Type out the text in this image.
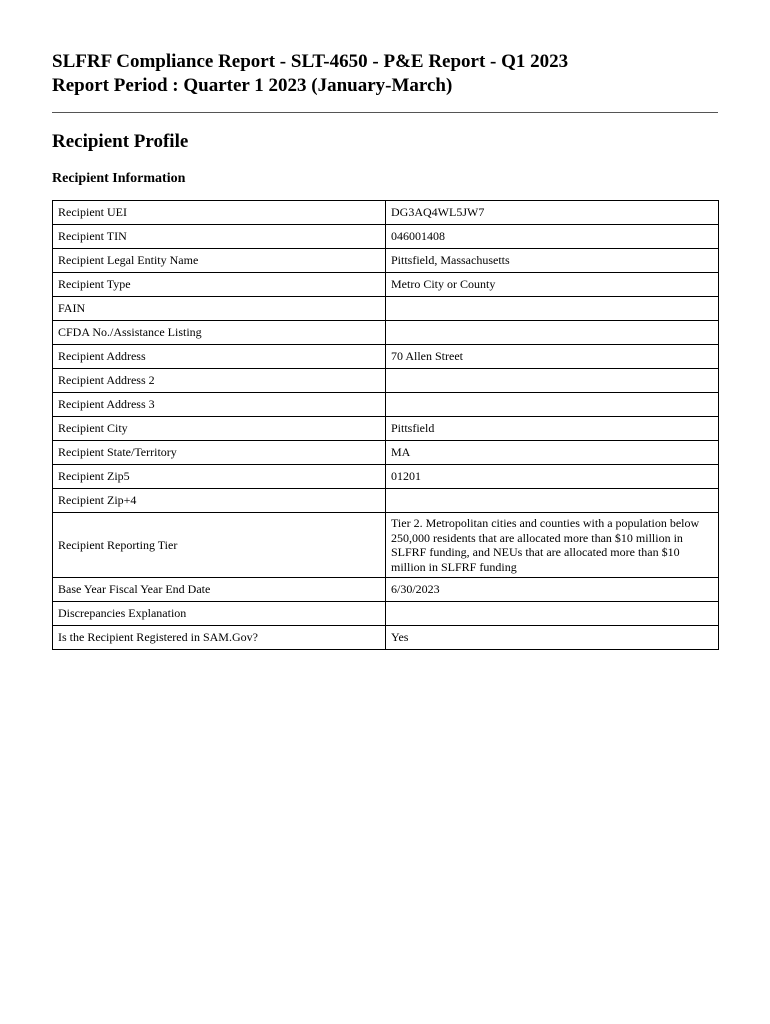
SLFRF Compliance Report - SLT-4650 - P&E Report - Q1 2023

Report Period : Quarter 1 2023 (January-March)

Recipient Profile
Recipient Information
Recipient UEI	DG3AQ4WL5JW7
Recipient TIN	046001408
Recipient Legal Entity Name	Pittsfield, Massachusetts
Recipient Type	Metro City or County
FAIN	
CFDA No./Assistance Listing	
Recipient Address	70 Allen Street
Recipient Address 2	
Recipient Address 3	
Recipient City	Pittsfield
Recipient State/Territory	MA
Recipient Zip5	01201
Recipient Zip+4	
Recipient Reporting Tier	Tier 2. Metropolitan cities and counties with a population below 250,000 residents that are allocated more than $10 million in SLFRF funding, and NEUs that are allocated more than $10 million in SLFRF funding
Base Year Fiscal Year End Date	6/30/2023
Discrepancies Explanation	
Is the Recipient Registered in SAM.Gov?	Yes
